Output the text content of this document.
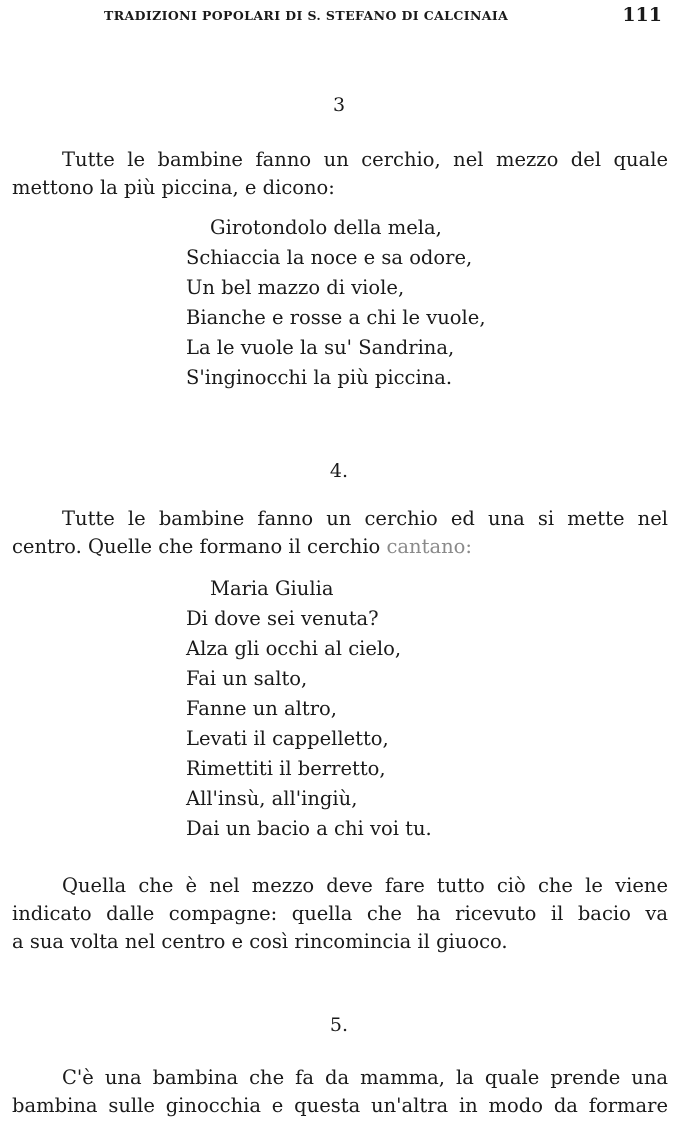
TRADIZIONI POPOLARI DI S. STEFANO DI CALCINAIA	111
3
Tutte le bambine fanno un cerchio, nel mezzo del quale
mettono la più piccina, e dicono:
Girotondolo della mela,
Schiaccia la noce e sa odore,
Un bel mazzo di viole,
Bianche e rosse a chi le vuole,
La le vuole la su' Sandrina,
S'inginocchi la più piccina.
4.
Tutte le bambine fanno un cerchio ed una si mette nel
centro. Quelle che formano il cerchio cantano:
Maria Giulia
Di dove sei venuta?
Alza gli occhi al cielo,
Fai un salto,
Fanne un altro,
Levati il cappelletto,
Rimettiti il berretto,
All'insù, all'ingiù,
Dai un bacio a chi voi tu.
Quella che è nel mezzo deve fare tutto ciò che le viene
indicato dalle compagne: quella che ha ricevuto il bacio va
a sua volta nel centro e così rincomincia il giuoco.
5.
C'è una bambina che fa da mamma, la quale prende una
bambina sulle ginocchia e questa un'altra in modo da formare
